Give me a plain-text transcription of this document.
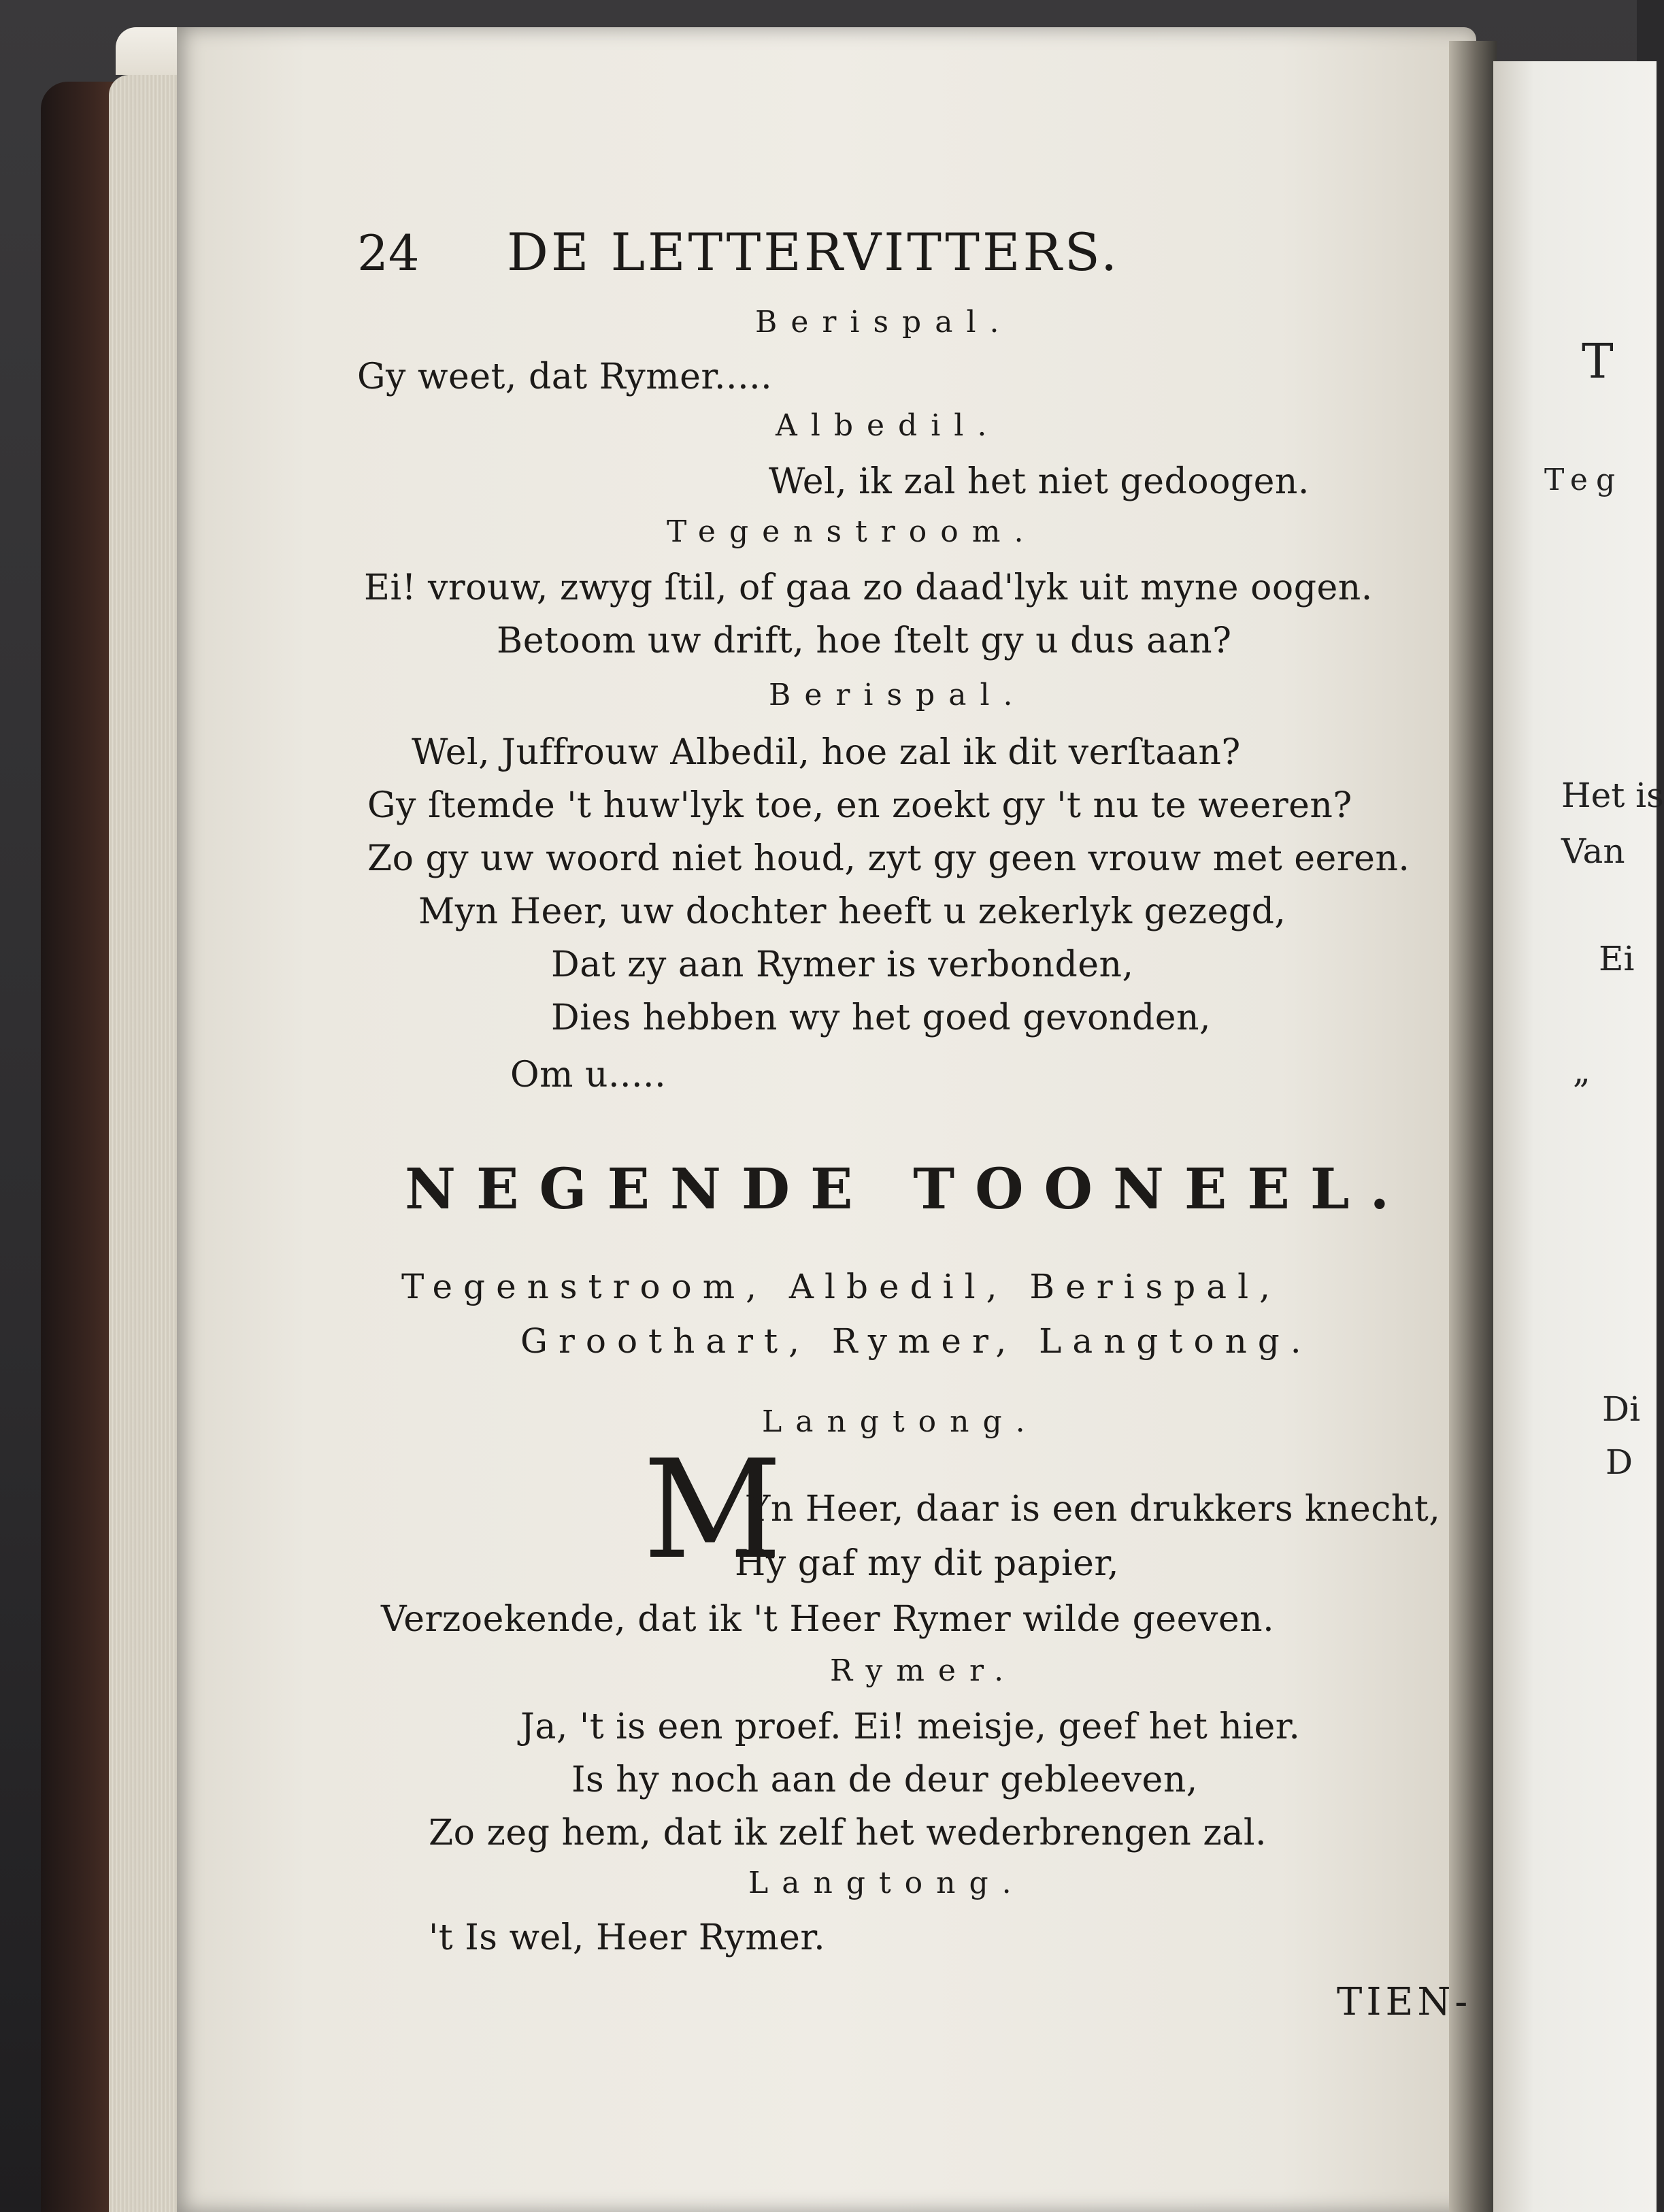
24 DE LETTERVITTERS.

Berispal.

Gy weet, dat Rymer.....

Albedil.

Wel, ik zal het niet gedoogen.

Tegenstroom.

Ei! vrouw, zwyg ſtil, of gaa zo daad'lyk uit myne oogen.

Betoom uw drift, hoe ſtelt gy u dus aan?

Berispal.

Wel, Juffrouw Albedil, hoe zal ik dit verſtaan?

Gy ſtemde 't huw'lyk toe, en zoekt gy 't nu te weeren?

Zo gy uw woord niet houd, zyt gy geen vrouw met eeren.

Myn Heer, uw dochter heeft u zekerlyk gezegd,

Dat zy aan Rymer is verbonden,

Dies hebben wy het goed gevonden,

Om u.....

NEGENDE TOONEEL.

Tegenstroom, Albedil, Berispal,

Groothart, Rymer, Langtong.

Langtong.

M

Yn Heer, daar is een drukkers knecht,

Hy gaf my dit papier,

Verzoekende, dat ik 't Heer Rymer wilde geeven.

Rymer.

Ja, 't is een proef. Ei! meisje, geef het hier.

Is hy noch aan de deur gebleeven,

Zo zeg hem, dat ik zelf het wederbrengen zal.

Langtong.

't Is wel, Heer Rymer.

TIEN-

T

Teg

Het is

Van

Ei

„

Di

D
